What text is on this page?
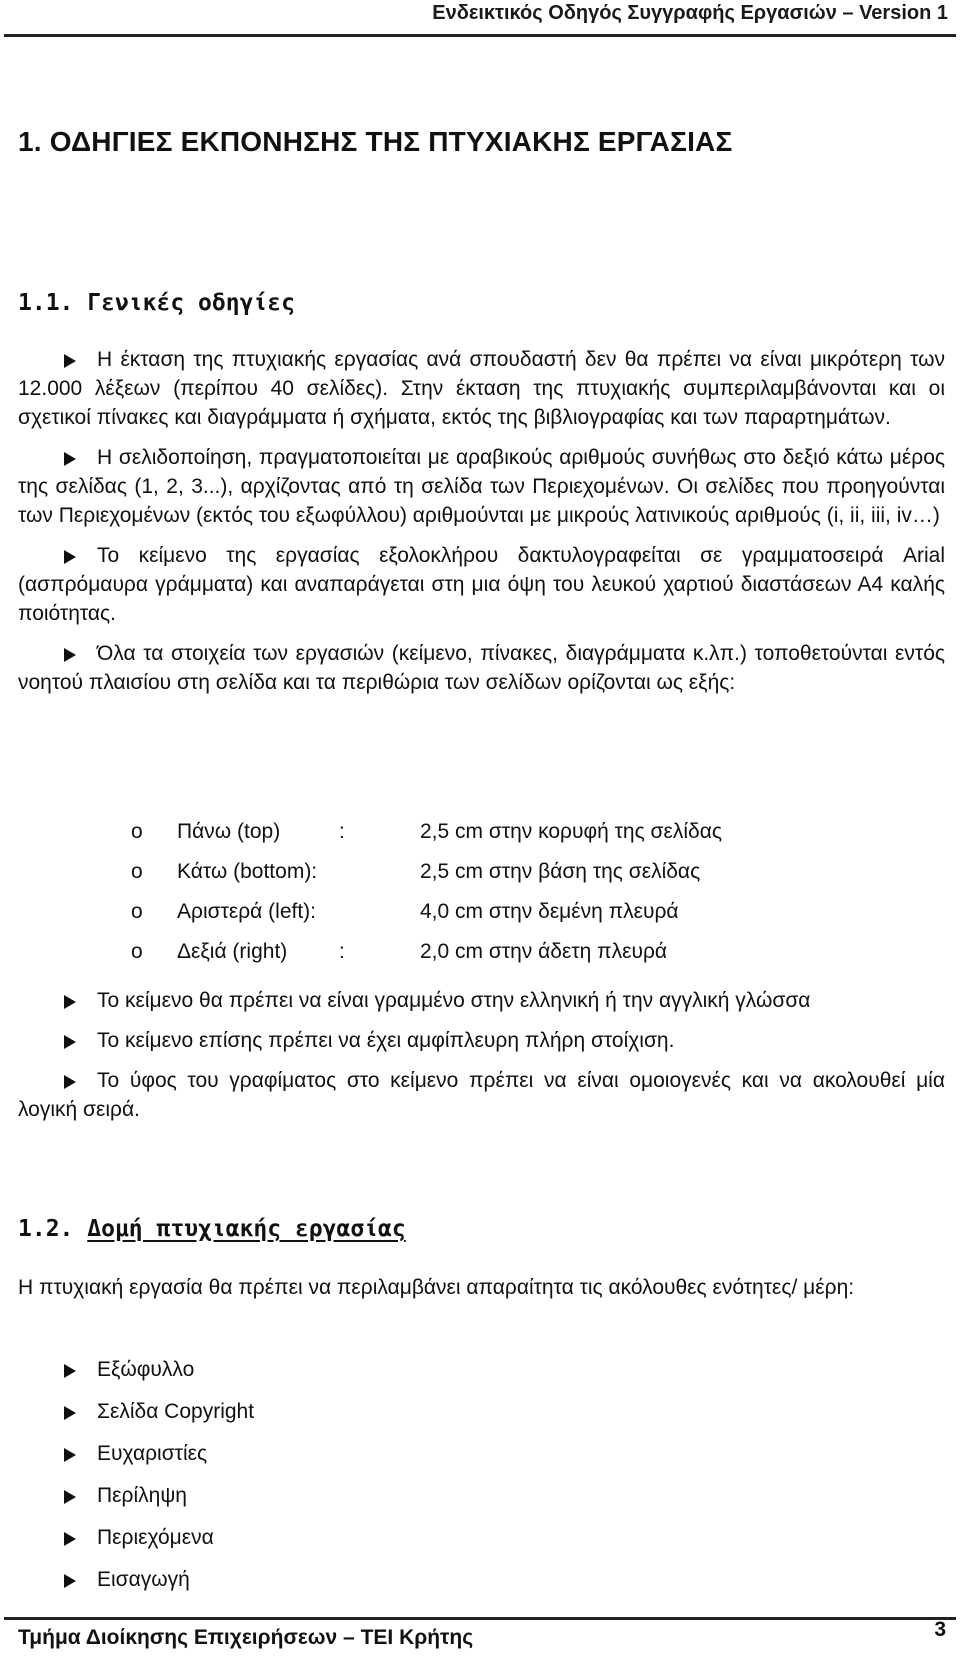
Ενδεικτικός Οδηγός Συγγραφής Εργασιών – Version 1
1. ΟΔΗΓΙΕΣ ΕΚΠΟΝΗΣΗΣ ΤΗΣ ΠΤΥΧΙΑΚΗΣ ΕΡΓΑΣΙΑΣ
1.1. Γενικές οδηγίες
Η έκταση της πτυχιακής εργασίας ανά σπουδαστή δεν θα πρέπει να είναι μικρότερη των 12.000 λέξεων (περίπου 40 σελίδες). Στην έκταση της πτυχιακής συμπεριλαμβάνονται και οι σχετικοί πίνακες και διαγράμματα ή σχήματα, εκτός της βιβλιογραφίας και των παραρτημάτων.
Η σελιδοποίηση, πραγματοποιείται με αραβικούς αριθμούς συνήθως στο δεξιό κάτω μέρος της σελίδας (1, 2, 3...), αρχίζοντας από τη σελίδα των Περιεχομένων. Οι σελίδες που προηγούνται των Περιεχομένων (εκτός του εξωφύλλου) αριθμούνται με μικρούς λατινικούς αριθμούς (i, ii, iii, iv…)
Το κείμενο της εργασίας εξολοκλήρου δακτυλογραφείται σε γραμματοσειρά Arial (ασπρόμαυρα γράμματα) και αναπαράγεται στη μια όψη του λευκού χαρτιού διαστάσεων Α4 καλής ποιότητας.
Όλα τα στοιχεία των εργασιών (κείμενο, πίνακες, διαγράμματα κ.λπ.) τοποθετούνται εντός νοητού πλαισίου στη σελίδα και τα περιθώρια των σελίδων ορίζονται ως εξής:
o Πάνω (top)	:	2,5 cm στην κορυφή της σελίδας
o Κάτω (bottom):	2,5 cm στην βάση της σελίδας
o Αριστερά (left):	4,0 cm στην δεμένη πλευρά
o Δεξιά (right) :	2,0 cm στην άδετη πλευρά
Το κείμενο θα πρέπει να είναι γραμμένο στην ελληνική ή την αγγλική γλώσσα
Το κείμενο επίσης πρέπει να έχει αμφίπλευρη πλήρη στοίχιση.
Το ύφος του γραφίματος στο κείμενο πρέπει να είναι ομοιογενές και να ακολουθεί μία λογική σειρά.
1.2. Δομή πτυχιακής εργασίας
Η πτυχιακή εργασία θα πρέπει να περιλαμβάνει απαραίτητα τις ακόλουθες ενότητες/ μέρη:
Εξώφυλλο
Σελίδα Copyright
Ευχαριστίες
Περίληψη
Περιεχόμενα
Εισαγωγή
Τμήμα Διοίκησης Επιχειρήσεων – ΤΕΙ Κρήτης	3
